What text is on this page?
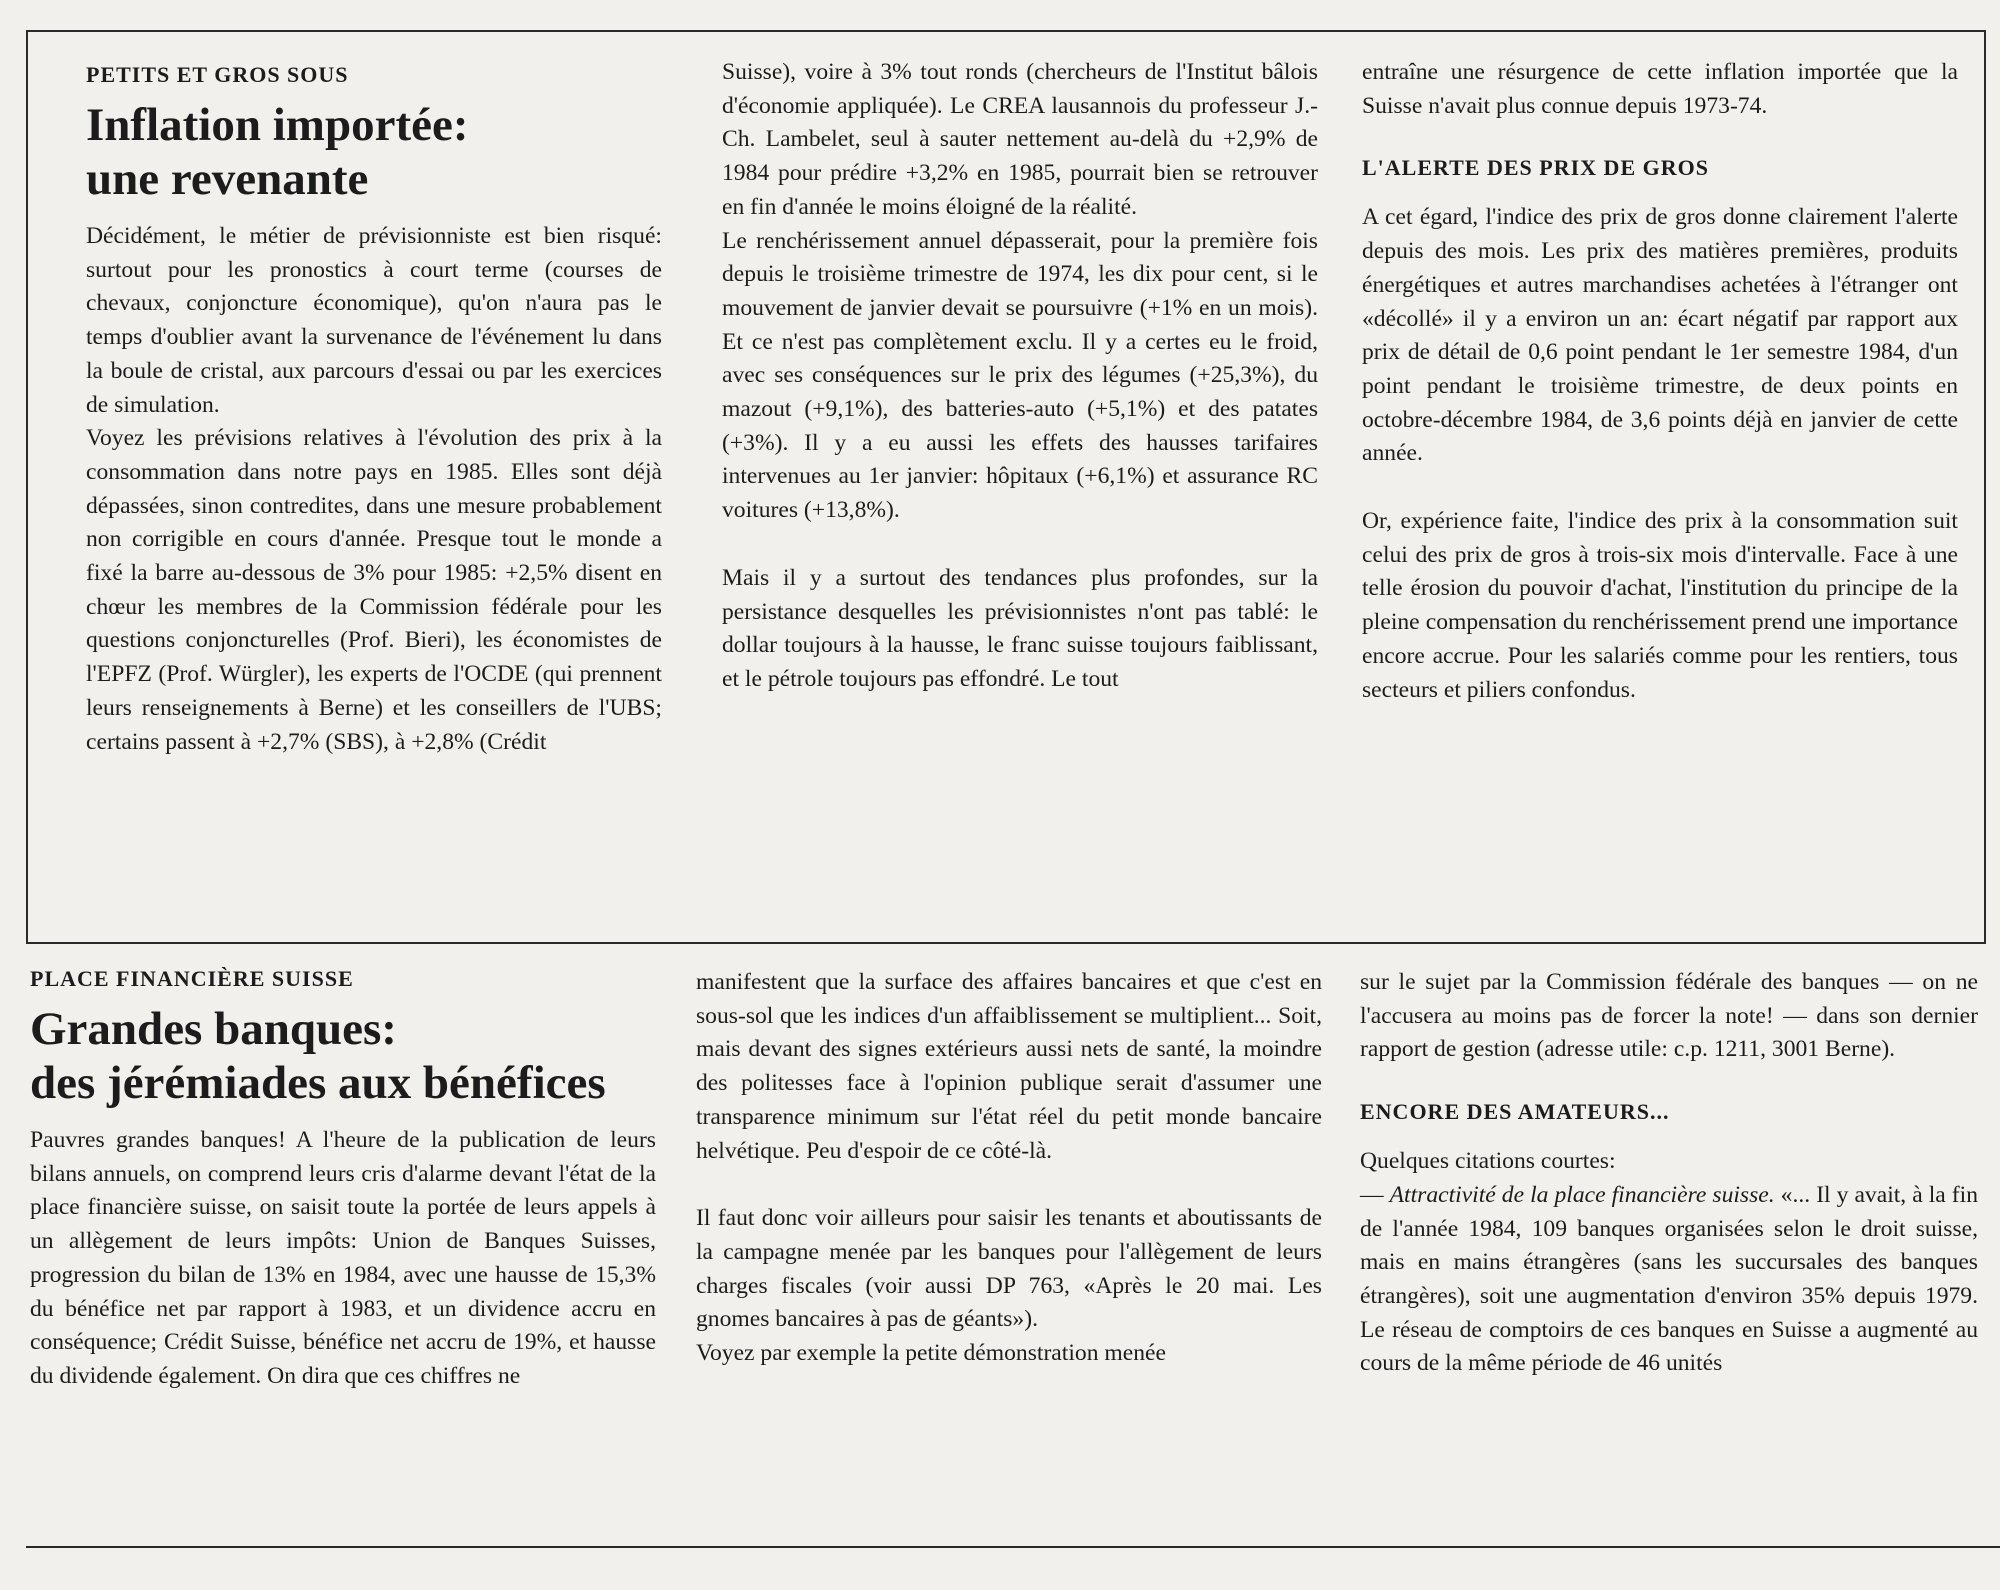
PETITS ET GROS SOUS
Inflation importée:
une revenante

Décidément, le métier de prévisionniste est bien risqué: surtout pour les pronostics à court terme (courses de chevaux, conjoncture économique), qu'on n'aura pas le temps d'oublier avant la survenance de l'événement lu dans la boule de cristal, aux parcours d'essai ou par les exercices de simulation.

Voyez les prévisions relatives à l'évolution des prix à la consommation dans notre pays en 1985. Elles sont déjà dépassées, sinon contredites, dans une mesure probablement non corrigible en cours d'année. Presque tout le monde a fixé la barre au-dessous de 3% pour 1985: +2,5% disent en chœur les membres de la Commission fédérale pour les questions conjoncturelles (Prof. Bieri), les économistes de l'EPFZ (Prof. Würgler), les experts de l'OCDE (qui prennent leurs renseignements à Berne) et les conseillers de l'UBS; certains passent à +2,7% (SBS), à +2,8% (Crédit

Suisse), voire à 3% tout ronds (chercheurs de l'Institut bâlois d'économie appliquée). Le CREA lausannois du professeur J.-Ch. Lambelet, seul à sauter nettement au-delà du +2,9% de 1984 pour prédire +3,2% en 1985, pourrait bien se retrouver en fin d'année le moins éloigné de la réalité.

Le renchérissement annuel dépasserait, pour la première fois depuis le troisième trimestre de 1974, les dix pour cent, si le mouvement de janvier devait se poursuivre (+1% en un mois). Et ce n'est pas complètement exclu. Il y a certes eu le froid, avec ses conséquences sur le prix des légumes (+25,3%), du mazout (+9,1%), des batteries-auto (+5,1%) et des patates (+3%). Il y a eu aussi les effets des hausses tarifaires intervenues au 1er janvier: hôpitaux (+6,1%) et assurance RC voitures (+13,8%).

Mais il y a surtout des tendances plus profondes, sur la persistance desquelles les prévisionnistes n'ont pas tablé: le dollar toujours à la hausse, le franc suisse toujours faiblissant, et le pétrole toujours pas effondré. Le tout

entraîne une résurgence de cette inflation importée que la Suisse n'avait plus connue depuis 1973-74.

L'ALERTE DES PRIX DE GROS

A cet égard, l'indice des prix de gros donne clairement l'alerte depuis des mois. Les prix des matières premières, produits énergétiques et autres marchandises achetées à l'étranger ont «décollé» il y a environ un an: écart négatif par rapport aux prix de détail de 0,6 point pendant le 1er semestre 1984, d'un point pendant le troisième trimestre, de deux points en octobre-décembre 1984, de 3,6 points déjà en janvier de cette année.

Or, expérience faite, l'indice des prix à la consommation suit celui des prix de gros à trois-six mois d'intervalle. Face à une telle érosion du pouvoir d'achat, l'institution du principe de la pleine compensation du renchérissement prend une importance encore accrue. Pour les salariés comme pour les rentiers, tous secteurs et piliers confondus.

PLACE FINANCIÈRE SUISSE
Grandes banques:
des jérémiades aux bénéfices

Pauvres grandes banques! A l'heure de la publication de leurs bilans annuels, on comprend leurs cris d'alarme devant l'état de la place financière suisse, on saisit toute la portée de leurs appels à un allègement de leurs impôts: Union de Banques Suisses, progression du bilan de 13% en 1984, avec une hausse de 15,3% du bénéfice net par rapport à 1983, et un dividence accru en conséquence; Crédit Suisse, bénéfice net accru de 19%, et hausse du dividende également. On dira que ces chiffres ne

manifestent que la surface des affaires bancaires et que c'est en sous-sol que les indices d'un affaiblissement se multiplient... Soit, mais devant des signes extérieurs aussi nets de santé, la moindre des politesses face à l'opinion publique serait d'assumer une transparence minimum sur l'état réel du petit monde bancaire helvétique. Peu d'espoir de ce côté-là.

Il faut donc voir ailleurs pour saisir les tenants et aboutissants de la campagne menée par les banques pour l'allègement de leurs charges fiscales (voir aussi DP 763, «Après le 20 mai. Les gnomes bancaires à pas de géants»).

Voyez par exemple la petite démonstration menée

sur le sujet par la Commission fédérale des banques — on ne l'accusera au moins pas de forcer la note! — dans son dernier rapport de gestion (adresse utile: c.p. 1211, 3001 Berne).

ENCORE DES AMATEURS...

Quelques citations courtes:

— Attractivité de la place financière suisse. «... Il y avait, à la fin de l'année 1984, 109 banques organisées selon le droit suisse, mais en mains étrangères (sans les succursales des banques étrangères), soit une augmentation d'environ 35% depuis 1979. Le réseau de comptoirs de ces banques en Suisse a augmenté au cours de la même période de 46 unités
